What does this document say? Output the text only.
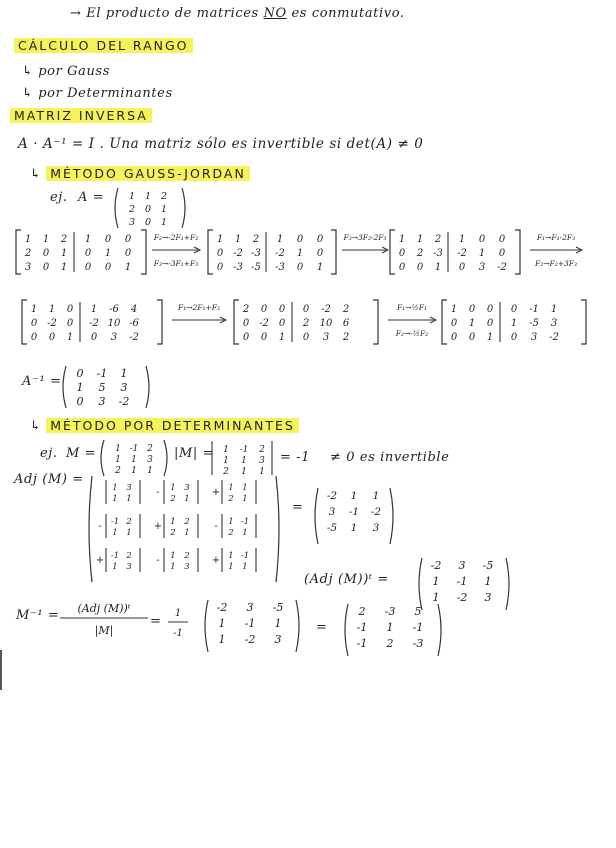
→ El producto de matrices NO es conmutativo.
CÁLCULO DEL RANGO
↳ por Gauss
↳ por Determinantes
MATRIZ INVERSA
A · A⁻¹ = I . Una matriz sólo es invertible si det(A) ≠ 0
↳ MÉTODO GAUSS-JORDAN
ej. A =	1 1 2
2 0 1
3 0 1
1 1 2
2 0 1
3 0 1
1 0 0
0 1 0
0 0 1
F₂→-2F₁+F₂
F₃→-3F₁+F₃
1 1 2
0 -2 -3
0 -3 -5
1 0 0
-2 1 0
-3 0 1
F₃→3F₂-2F₃ 1 1 2
0 2 -3
0 0 1
1 0 0
-2 1 0
0 3 -2
F₁→F₁-2F₃
F₂→F₂+3F₃
1 1 0
0 -2 0
0 0 1
1 -6 4
-2 10 -6
0 3 -2
F₁→2F₁+F₂ 2 0 0
0 -2 0
0 0 1
0 -2 2
2 10 6
0 3 2
F₁→½F₁
F₂→-½F₂
1 0 0
0 1 0
0 0 1
0 -1 1
1 -5 3
0 3 -2
A⁻¹ =
0 -1 1
1 5 3
0 3 -2
↳ MÉTODO POR DETERMINANTES
ej. M = 1 -1 2
1 1 3
2 1 1
|M| = 1 -1 2
1 1 3
2 1 1
= -1 ≠ 0 es invertible
Adj (M) =
1 3
1 1
- 1 3
2 1
+ 1 1
2 1
- -1 2
1 1
+ 1 2
2 1
- 1 -1
2 1
+ -1 2
1 3
- 1 2
1 3
+ 1 -1
1 1
=
-2 1 1
3 -1 -2
-5 1 3
(Adj (M))ᵗ =
-2 3 -5
1 -1 1
1 -2 3
M⁻¹ = (Adj (M))ᵗ
|M|
=
1
-1
-2 3 -5
1 -1 1
1 -2 3
=
2 -3 5
-1 1 -1
-1 2 -3
